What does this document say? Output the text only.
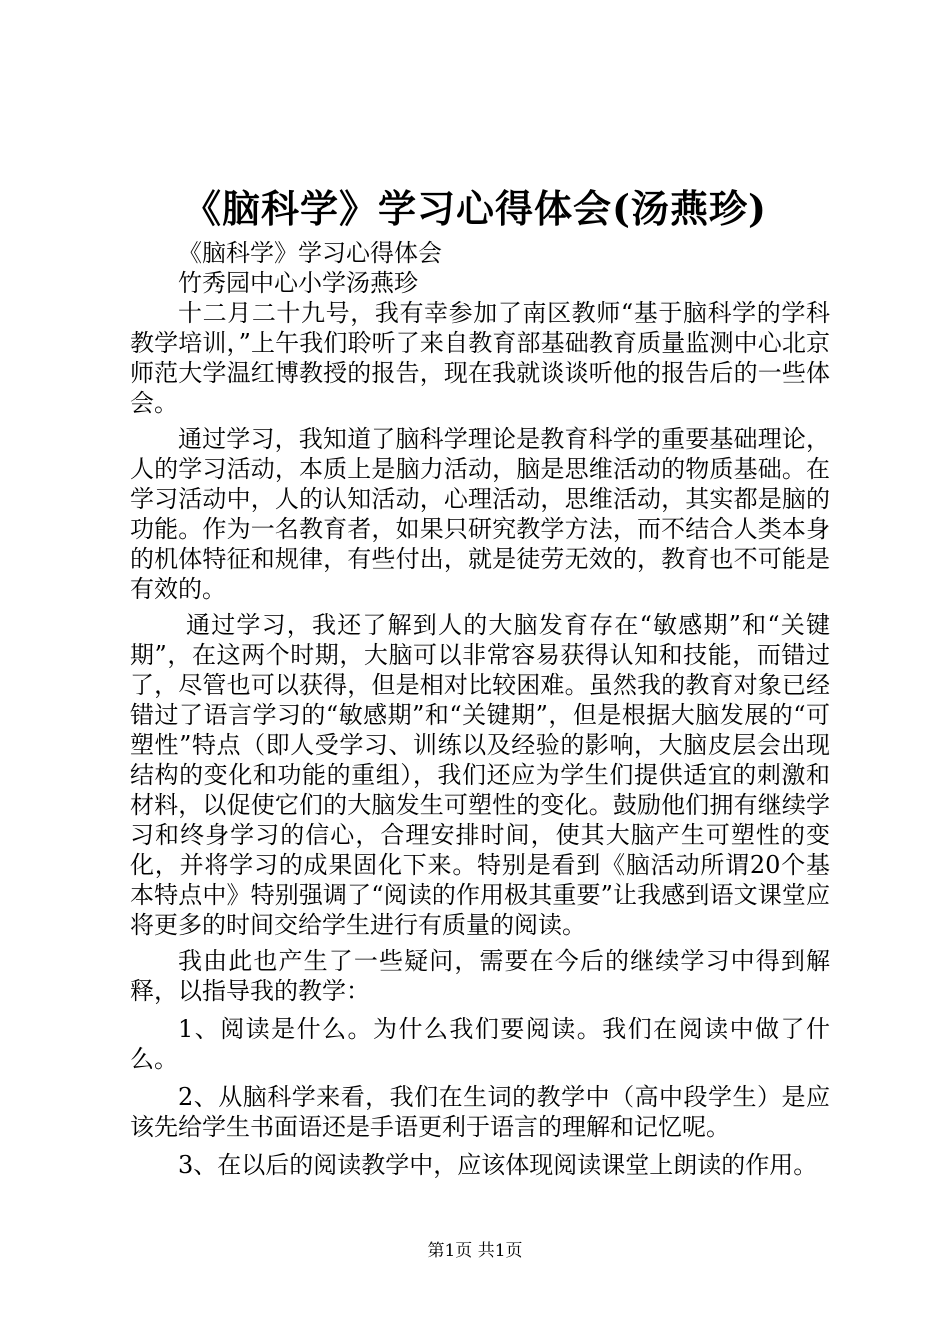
《脑科学》学习心得体会(汤燕珍)

《脑科学》学习心得体会

竹秀园中心小学汤燕珍

十二月二十九号，我有幸参加了南区教师“基于脑科学的学科教学培训，”上午我们聆听了来自教育部基础教育质量监测中心北京师范大学温红博教授的报告，现在我就谈谈听他的报告后的一些体会。

通过学习，我知道了脑科学理论是教育科学的重要基础理论，人的学习活动，本质上是脑力活动，脑是思维活动的物质基础。在学习活动中，人的认知活动，心理活动，思维活动，其实都是脑的功能。作为一名教育者，如果只研究教学方法，而不结合人类本身的机体特征和规律，有些付出，就是徒劳无效的，教育也不可能是有效的。

通过学习，我还了解到人的大脑发育存在“敏感期”和“关键期”，在这两个时期，大脑可以非常容易获得认知和技能，而错过了，尽管也可以获得，但是相对比较困难。虽然我的教育对象已经错过了语言学习的“敏感期”和“关键期”，但是根据大脑发展的“可塑性”特点（即人受学习、训练以及经验的影响，大脑皮层会出现结构的变化和功能的重组），我们还应为学生们提供适宜的刺激和材料，以促使它们的大脑发生可塑性的变化。鼓励他们拥有继续学习和终身学习的信心，合理安排时间，使其大脑产生可塑性的变化，并将学习的成果固化下来。特别是看到《脑活动所谓20个基本特点中》特别强调了“阅读的作用极其重要”让我感到语文课堂应将更多的时间交给学生进行有质量的阅读。

我由此也产生了一些疑问，需要在今后的继续学习中得到解释，以指导我的教学：

1、阅读是什么。为什么我们要阅读。我们在阅读中做了什么。

2、从脑科学来看，我们在生词的教学中（高中段学生）是应该先给学生书面语还是手语更利于语言的理解和记忆呢。

3、在以后的阅读教学中，应该体现阅读课堂上朗读的作用。

第1页 共1页
